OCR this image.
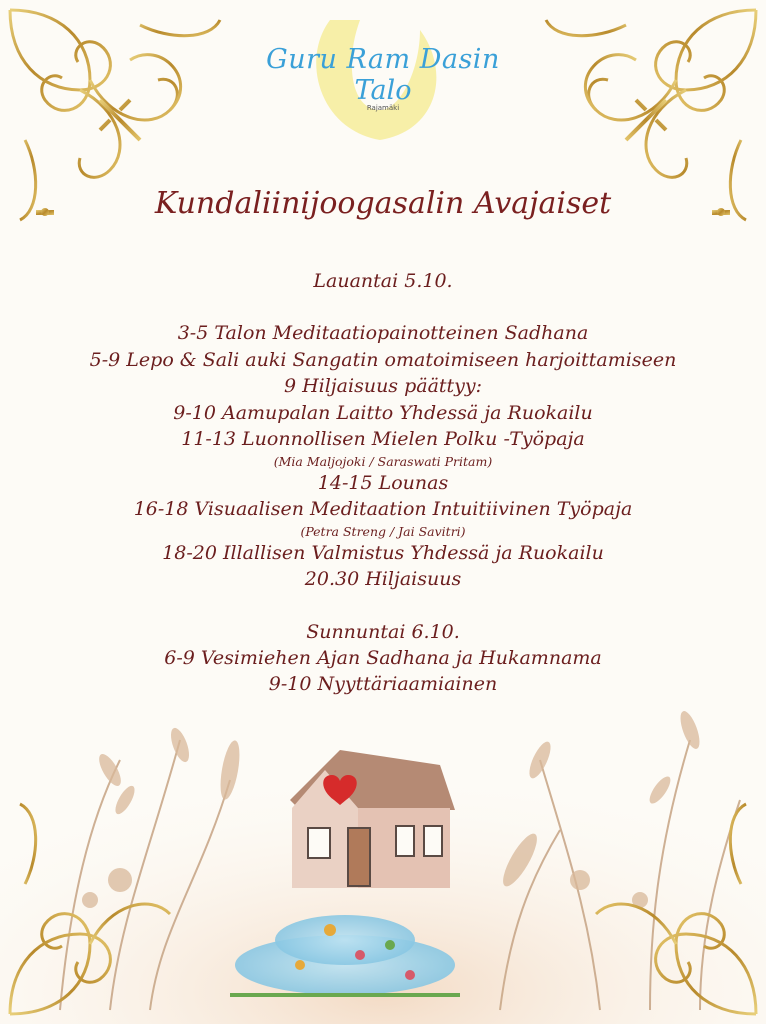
Guru Ram Dasin
Talo
Rajamäki
Kundaliinijoogasalin Avajaiset
Lauantai 5.10.
3-5 Talon Meditaatiopainotteinen Sadhana
5-9 Lepo & Sali auki Sangatin omatoimiseen harjoittamiseen
9 Hiljaisuus päättyy:
9-10 Aamupalan Laitto Yhdessä ja Ruokailu
11-13 Luonnollisen Mielen Polku -Työpaja
(Mia Maljojoki / Saraswati Pritam)
14-15 Lounas
16-18 Visuaalisen Meditaation Intuitiivinen Työpaja
(Petra Streng / Jai Savitri)
18-20 Illallisen Valmistus Yhdessä ja Ruokailu
20.30 Hiljaisuus
Sunnuntai 6.10.
6-9 Vesimiehen Ajan Sadhana ja Hukamnama
9-10 Nyyttäriaamiainen
